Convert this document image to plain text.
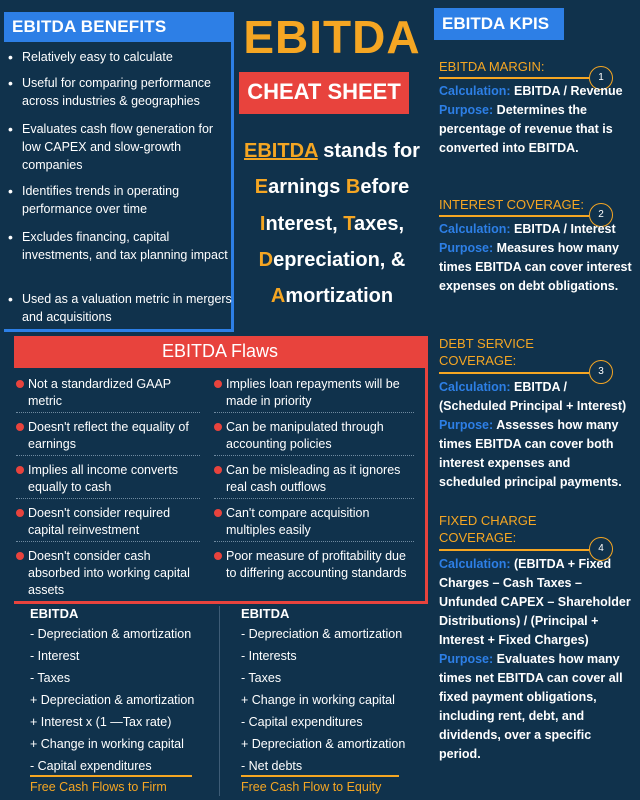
EBITDA BENEFITS
• Relatively easy to calculate
• Useful for comparing performance across industries & geographies
• Evaluates cash flow generation for low CAPEX and slow-growth companies
• Identifies trends in operating performance over time
• Excludes financing, capital investments, and tax planning impact
• Used as a valuation metric in mergers and acquisitions
EBITDA
CHEAT SHEET
EBITDA stands for
Earnings Before
Interest, Taxes,
Depreciation, &
Amortization
EBITDA KPIS
EBITDA MARGIN:
1
Calculation: EBITDA / Revenue
Purpose: Determines the percentage of revenue that is converted into EBITDA.
INTEREST COVERAGE:
2
Calculation: EBITDA / Interest
Purpose: Measures how many times EBITDA can cover interest expenses on debt obligations.
DEBT SERVICE COVERAGE:
3
Calculation: EBITDA / (Scheduled Principal + Interest)
Purpose: Assesses how many times EBITDA can cover both interest expenses and scheduled principal payments.
FIXED CHARGE COVERAGE:
4
Calculation: (EBITDA + Fixed Charges – Cash Taxes – Unfunded CAPEX – Shareholder Distributions) / (Principal + Interest + Fixed Charges)
Purpose: Evaluates how many times net EBITDA can cover all fixed payment obligations, including rent, debt, and dividends, over a specific period.
EBITDA Flaws
Not a standardized GAAP metric
Doesn't reflect the equality of earnings
Implies all income converts equally to cash
Doesn't consider required capital reinvestment
Doesn't consider cash absorbed into working capital assets
Implies loan repayments will be made in priority
Can be manipulated through accounting policies
Can be misleading as it ignores real cash outflows
Can't compare acquisition multiples easily
Poor measure of profitability due to differing accounting standards
EBITDA
- Depreciation & amortization
- Interest
- Taxes
+ Depreciation & amortization
+ Interest x (1 —Tax rate)
+ Change in working capital
- Capital expenditures
Free Cash Flows to Firm
EBITDA
- Depreciation & amortization
- Interests
- Taxes
+ Change in working capital
- Capital expenditures
+ Depreciation & amortization
- Net debts
Free Cash Flow to Equity
